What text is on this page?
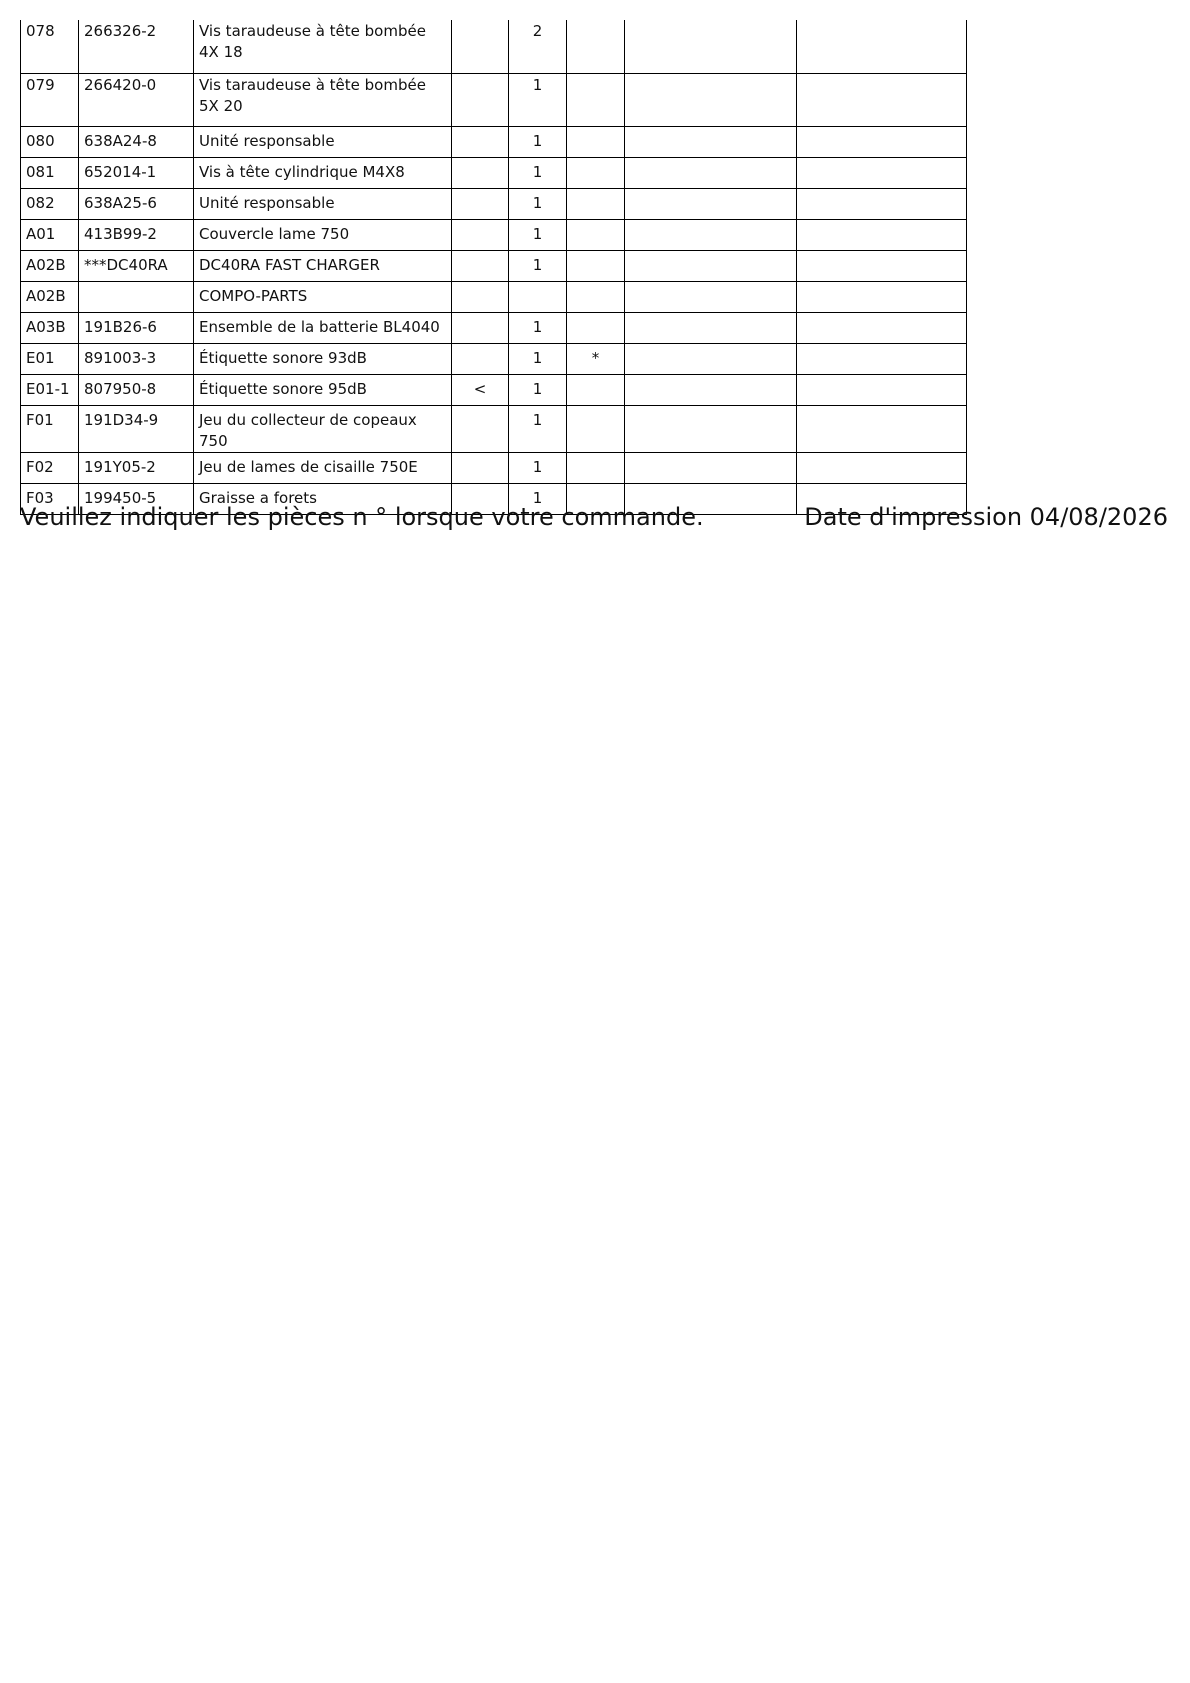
078	266326-2	Vis taraudeuse à tête bombée 4X 18		2			
079	266420-0	Vis taraudeuse à tête bombée 5X 20		1			
080	638A24-8	Unité responsable		1			
081	652014-1	Vis à tête cylindrique M4X8		1			
082	638A25-6	Unité responsable		1			
A01	413B99-2	Couvercle lame 750		1			
A02B	***DC40RA	DC40RA FAST CHARGER		1			
A02B		COMPO-PARTS					
A03B	191B26-6	Ensemble de la batterie BL4040		1			
E01	891003-3	Étiquette sonore 93dB		1	*		
E01-1	807950-8	Étiquette sonore 95dB	<	1			
F01	191D34-9	Jeu du collecteur de copeaux 750		1			
F02	191Y05-2	Jeu de lames de cisaille 750E		1			
F03	199450-5	Graisse a forets		1			
Veuillez indiquer les pièces n ° lorsque votre commande.	Date d'impression 04/08/2026
